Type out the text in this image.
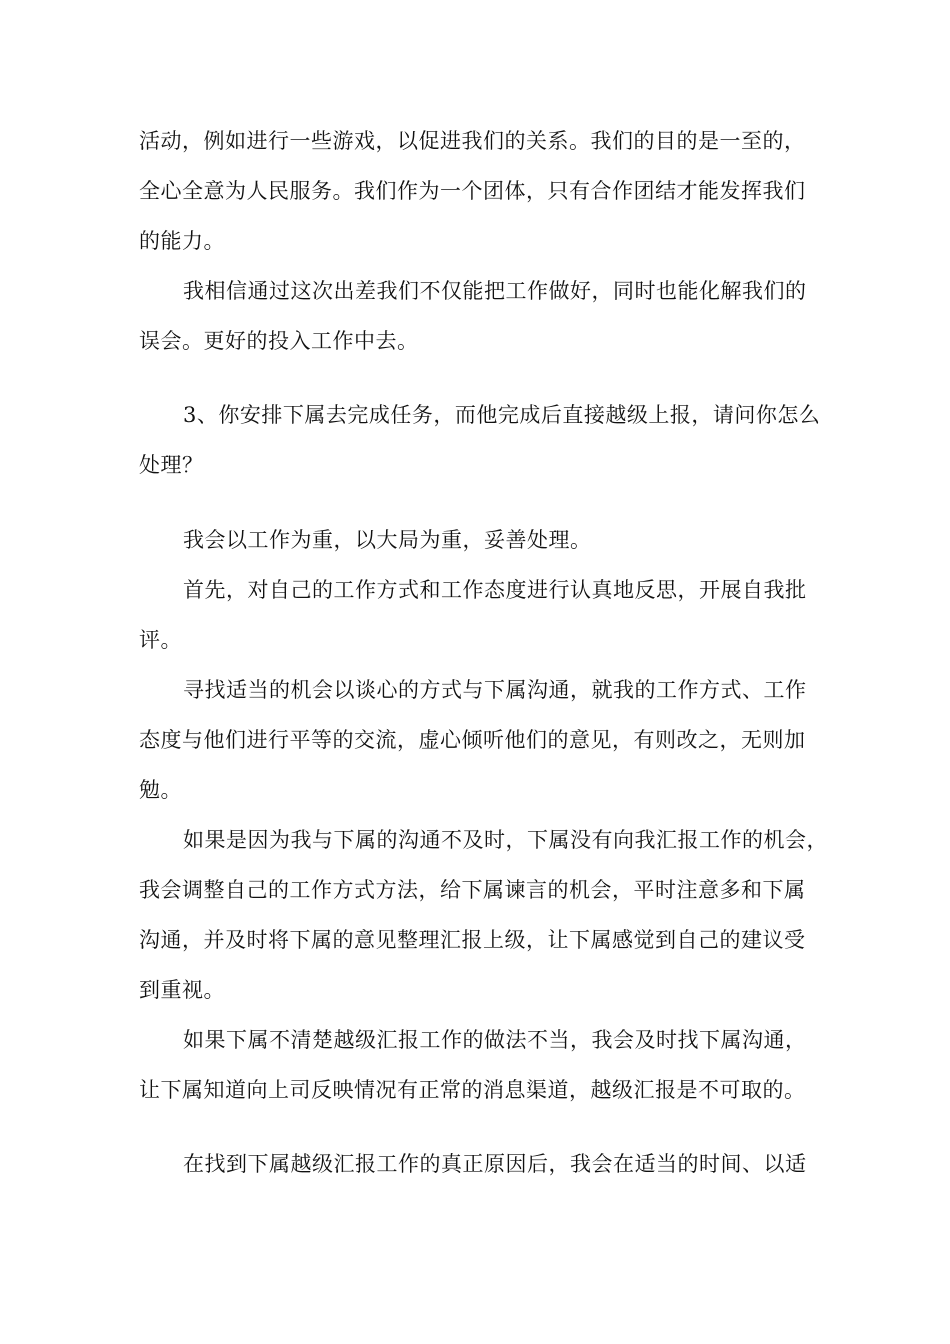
活动，例如进行一些游戏，以促进我们的关系。我们的目的是一至的，
全心全意为人民服务。我们作为一个团体，只有合作团结才能发挥我们
的能力。
我相信通过这次出差我们不仅能把工作做好，同时也能化解我们的
误会。更好的投入工作中去。
3、你安排下属去完成任务，而他完成后直接越级上报，请问你怎么
处理？
我会以工作为重，以大局为重，妥善处理。
首先，对自己的工作方式和工作态度进行认真地反思，开展自我批
评。
寻找适当的机会以谈心的方式与下属沟通，就我的工作方式、工作
态度与他们进行平等的交流，虚心倾听他们的意见，有则改之，无则加
勉。
如果是因为我与下属的沟通不及时，下属没有向我汇报工作的机会，
我会调整自己的工作方式方法，给下属谏言的机会，平时注意多和下属
沟通，并及时将下属的意见整理汇报上级，让下属感觉到自己的建议受
到重视。
如果下属不清楚越级汇报工作的做法不当，我会及时找下属沟通，
让下属知道向上司反映情况有正常的消息渠道，越级汇报是不可取的。
在找到下属越级汇报工作的真正原因后，我会在适当的时间、以适
